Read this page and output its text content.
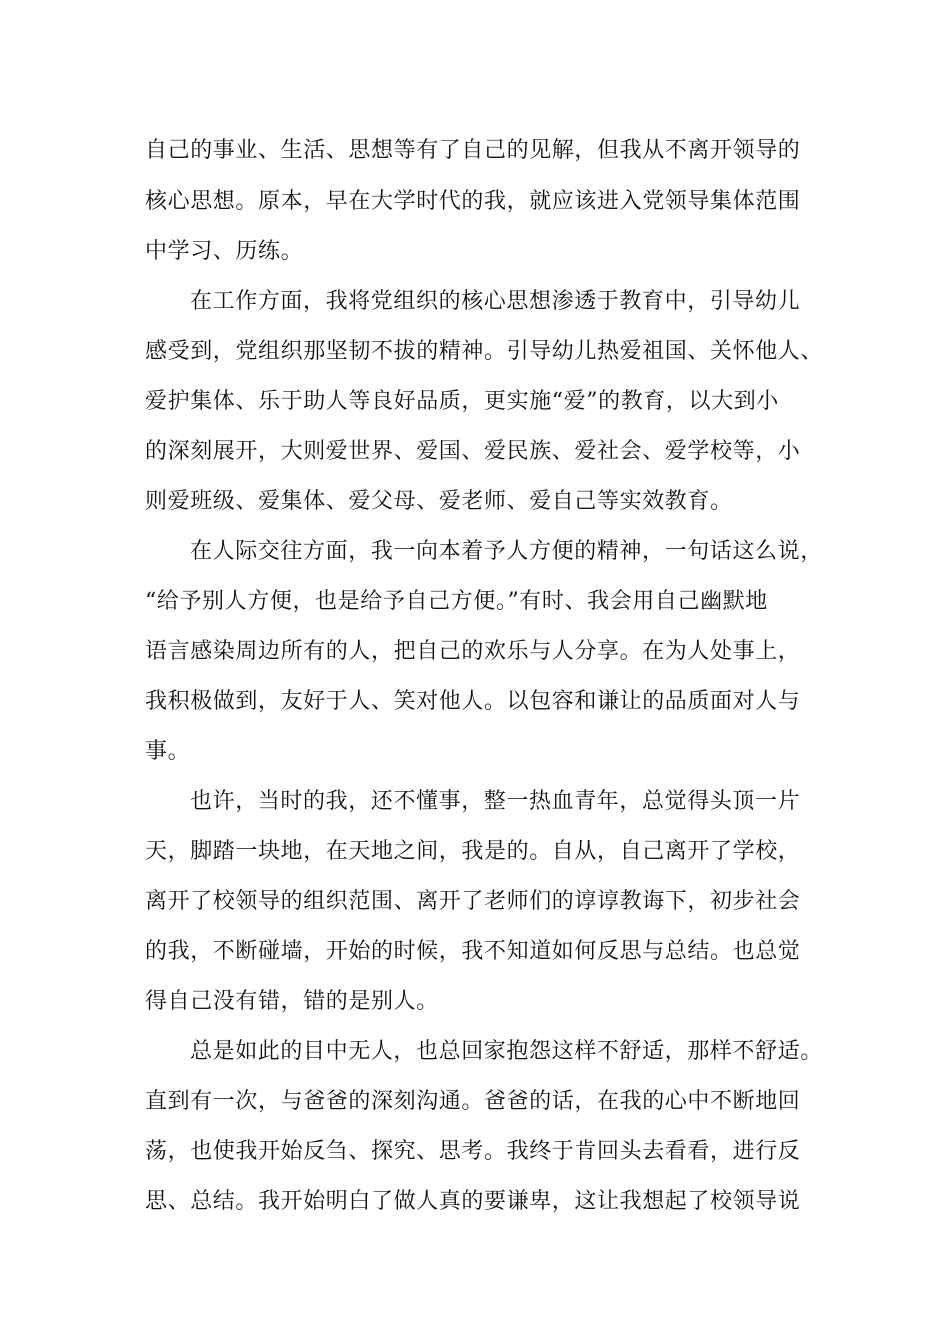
自己的事业、生活、思想等有了自己的见解，但我从不离开领导的
核心思想。原本，早在大学时代的我，就应该进入党领导集体范围
中学习、历练。
在工作方面，我将党组织的核心思想渗透于教育中，引导幼儿
感受到，党组织那坚韧不拔的精神。引导幼儿热爱祖国、关怀他人、
爱护集体、乐于助人等良好品质，更实施“爱”的教育，以大到小
的深刻展开，大则爱世界、爱国、爱民族、爱社会、爱学校等，小
则爱班级、爱集体、爱父母、爱老师、爱自己等实效教育。
在人际交往方面，我一向本着予人方便的精神，一句话这么说，
“给予别人方便，也是给予自己方便。”有时、我会用自己幽默地
语言感染周边所有的人，把自己的欢乐与人分享。在为人处事上，
我积极做到，友好于人、笑对他人。以包容和谦让的品质面对人与
事。
也许，当时的我，还不懂事，整一热血青年，总觉得头顶一片
天，脚踏一块地，在天地之间，我是的。自从，自己离开了学校，
离开了校领导的组织范围、离开了老师们的谆谆教诲下，初步社会
的我，不断碰墙，开始的时候，我不知道如何反思与总结。也总觉
得自己没有错，错的是别人。
总是如此的目中无人，也总回家抱怨这样不舒适，那样不舒适。
直到有一次，与爸爸的深刻沟通。爸爸的话，在我的心中不断地回
荡，也使我开始反刍、探究、思考。我终于肯回头去看看，进行反
思、总结。我开始明白了做人真的要谦卑，这让我想起了校领导说
